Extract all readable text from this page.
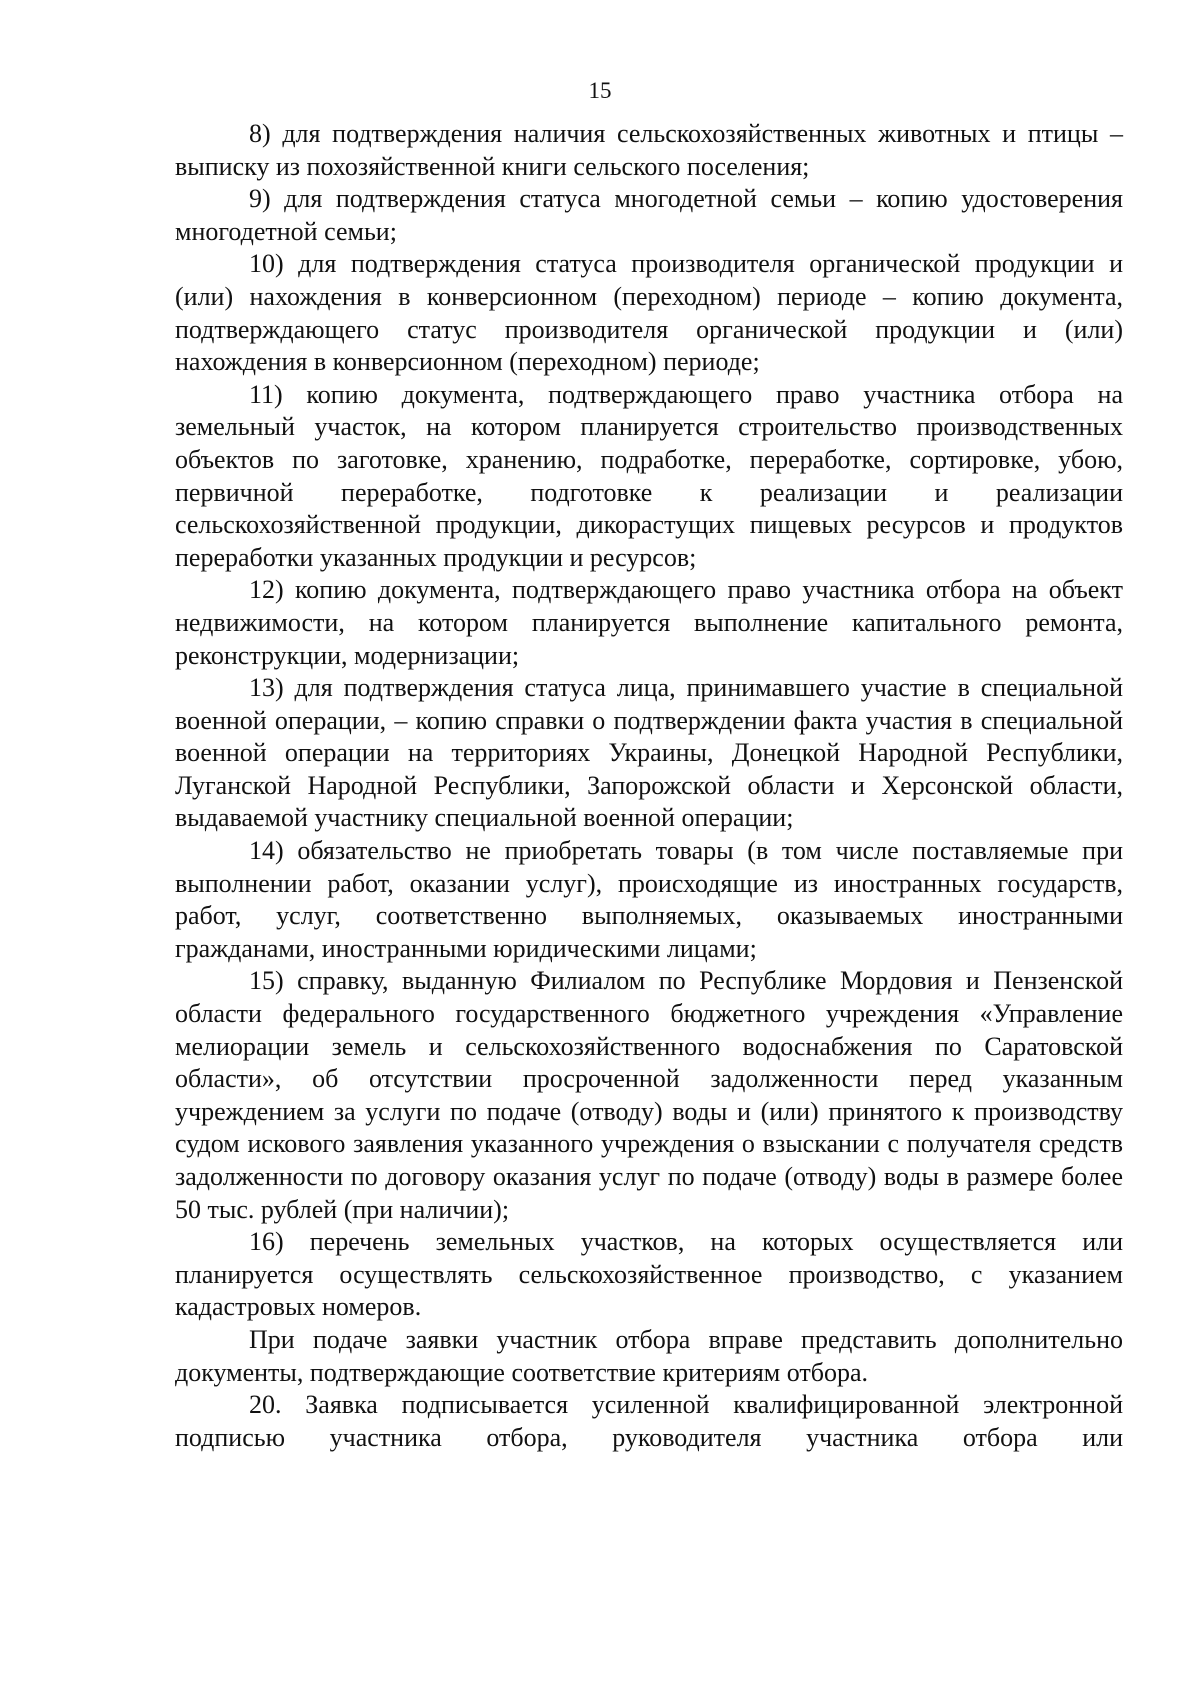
15

8) для подтверждения наличия сельскохозяйственных животных и птицы – выписку из похозяйственной книги сельского поселения;

9) для подтверждения статуса многодетной семьи – копию удостоверения многодетной семьи;

10) для подтверждения статуса производителя органической продукции и (или) нахождения в конверсионном (переходном) периоде – копию документа, подтверждающего статус производителя органической продукции и (или) нахождения в конверсионном (переходном) периоде;

11) копию документа, подтверждающего право участника отбора на земельный участок, на котором планируется строительство производственных объектов по заготовке, хранению, подработке, переработке, сортировке, убою, первичной переработке, подготовке к реализации и реализации сельскохозяйственной продукции, дикорастущих пищевых ресурсов и продуктов переработки указанных продукции и ресурсов;

12) копию документа, подтверждающего право участника отбора на объект недвижимости, на котором планируется выполнение капитального ремонта, реконструкции, модернизации;

13) для подтверждения статуса лица, принимавшего участие в специальной военной операции, – копию справки о подтверждении факта участия в специальной военной операции на территориях Украины, Донецкой Народной Республики, Луганской Народной Республики, Запорожской области и Херсонской области, выдаваемой участнику специальной военной операции;

14) обязательство не приобретать товары (в том числе поставляемые при выполнении работ, оказании услуг), происходящие из иностранных государств, работ, услуг, соответственно выполняемых, оказываемых иностранными гражданами, иностранными юридическими лицами;

15) справку, выданную Филиалом по Республике Мордовия и Пензенской области федерального государственного бюджетного учреждения «Управление мелиорации земель и сельскохозяйственного водоснабжения по Саратовской области», об отсутствии просроченной задолженности перед указанным учреждением за услуги по подаче (отводу) воды и (или) принятого к производству судом искового заявления указанного учреждения о взыскании с получателя средств задолженности по договору оказания услуг по подаче (отводу) воды в размере более 50 тыс. рублей (при наличии);

16) перечень земельных участков, на которых осуществляется или планируется осуществлять сельскохозяйственное производство, с указанием кадастровых номеров.

При подаче заявки участник отбора вправе представить дополнительно документы, подтверждающие соответствие критериям отбора.

20. Заявка подписывается усиленной квалифицированной электронной подписью участника отбора, руководителя участника отбора или
